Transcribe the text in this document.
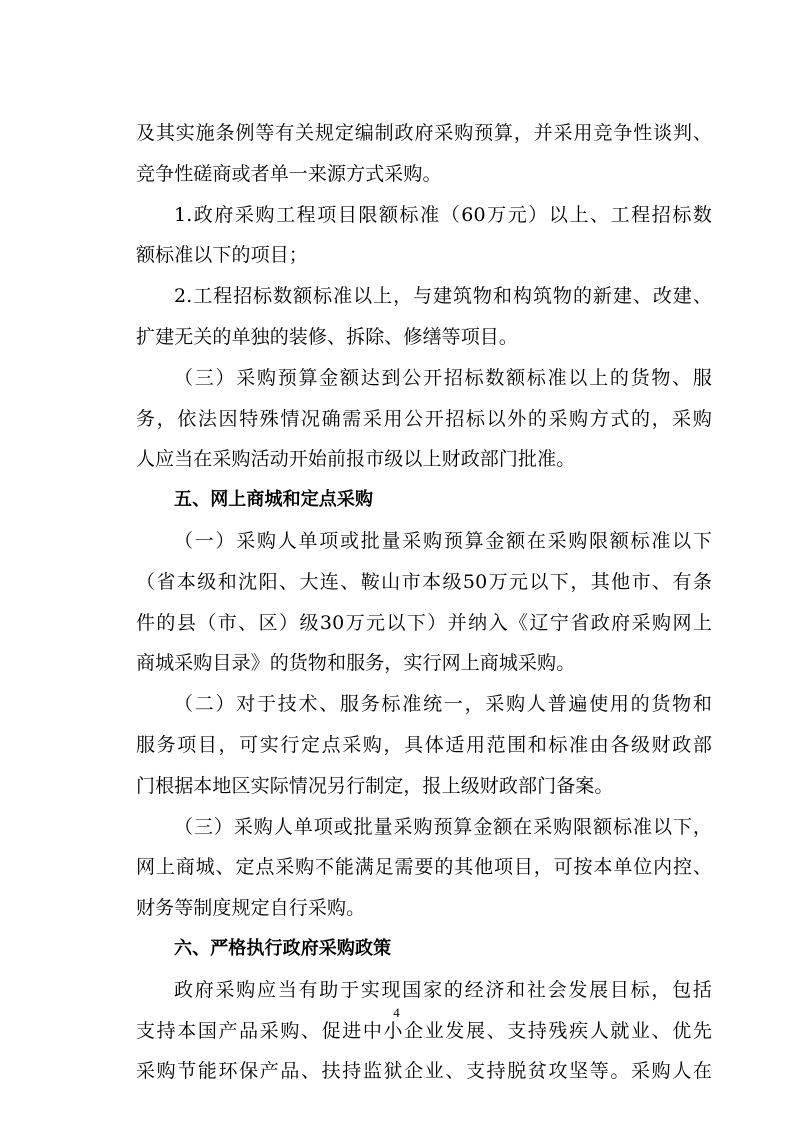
及其实施条例等有关规定编制政府采购预算，并采用竞争性谈判、
竞争性磋商或者单一来源方式采购。
1.政府采购工程项目限额标准（60万元）以上、工程招标数
额标准以下的项目；
2.工程招标数额标准以上，与建筑物和构筑物的新建、改建、
扩建无关的单独的装修、拆除、修缮等项目。
（三）采购预算金额达到公开招标数额标准以上的货物、服
务，依法因特殊情况确需采用公开招标以外的采购方式的，采购
人应当在采购活动开始前报市级以上财政部门批准。
五、网上商城和定点采购
（一）采购人单项或批量采购预算金额在采购限额标准以下
（省本级和沈阳、大连、鞍山市本级50万元以下，其他市、有条
件的县（市、区）级30万元以下）并纳入《辽宁省政府采购网上
商城采购目录》的货物和服务，实行网上商城采购。
（二）对于技术、服务标准统一，采购人普遍使用的货物和
服务项目，可实行定点采购，具体适用范围和标准由各级财政部
门根据本地区实际情况另行制定，报上级财政部门备案。
（三）采购人单项或批量采购预算金额在采购限额标准以下，
网上商城、定点采购不能满足需要的其他项目，可按本单位内控、
财务等制度规定自行采购。
六、严格执行政府采购政策
政府采购应当有助于实现国家的经济和社会发展目标，包括
支持本国产品采购、促进中小企业发展、支持残疾人就业、优先
采购节能环保产品、扶持监狱企业、支持脱贫攻坚等。采购人在
4
